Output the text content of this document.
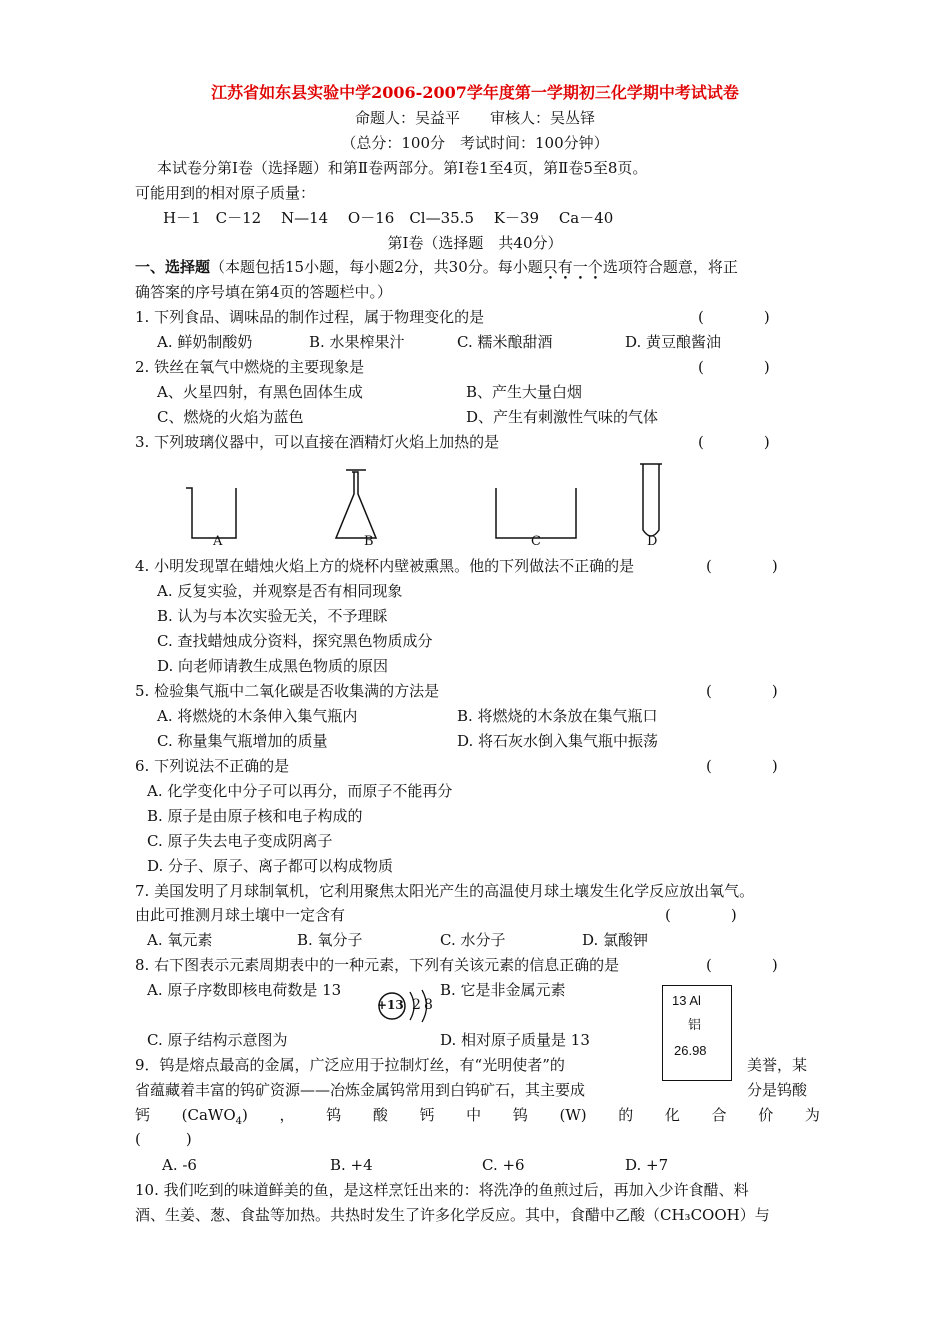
江苏省如东县实验中学2006-2007学年度第一学期初三化学期中考试试卷
命题人：吴益平　　审核人：吴丛铎
（总分：100分　考试时间：100分钟）
本试卷分第Ⅰ卷（选择题）和第Ⅱ卷两部分。第Ⅰ卷1至4页，第Ⅱ卷5至8页。
可能用到的相对原子质量：
H－1　C－12　 N—14　 O－16　Cl—35.5　 K－39　 Ca－40
第Ⅰ卷（选择题　共40分）
一、选择题（本题包括15小题，每小题2分，共30分。每小题只有一个选项符合题意，将正
确答案的序号填在第4页的答题栏中。）
1. 下列食品、调味品的制作过程，属于物理变化的是	(　　　　)
A. 鲜奶制酸奶	B. 水果榨果汁	C. 糯米酿甜酒	D. 黄豆酿酱油
2. 铁丝在氧气中燃烧的主要现象是	(　　　　)
A、火星四射，有黑色固体生成	B、产生大量白烟
C、燃烧的火焰为蓝色	D、产生有刺激性气味的气体
3. 下列玻璃仪器中，可以直接在酒精灯火焰上加热的是	(　　　　)
A	B	C	D
4. 小明发现罩在蜡烛火焰上方的烧杯内壁被熏黑。他的下列做法不正确的是	(　　　　)
A. 反复实验，并观察是否有相同现象
B. 认为与本次实验无关，不予理睬
C. 查找蜡烛成分资料，探究黑色物质成分
D. 向老师请教生成黑色物质的原因
5. 检验集气瓶中二氧化碳是否收集满的方法是	(　　　　)
A. 将燃烧的木条伸入集气瓶内	B. 将燃烧的木条放在集气瓶口
C. 称量集气瓶增加的质量	D. 将石灰水倒入集气瓶中振荡
6. 下列说法不正确的是	(　　　　)
A. 化学变化中分子可以再分，而原子不能再分
B. 原子是由原子核和电子构成的
C. 原子失去电子变成阴离子
D. 分子、原子、离子都可以构成物质
7. 美国发明了月球制氧机，它利用聚焦太阳光产生的高温使月球土壤发生化学反应放出氧气。
由此可推测月球土壤中一定含有	(　　　　)
A. 氧元素	B. 氧分子	C. 水分子	D. 氯酸钾
8. 右下图表示元素周期表中的一种元素，下列有关该元素的信息正确的是	(　　　　)
A. 原子序数即核电荷数是 13	B. 它是非金属元素
+13 2 8	13 Al
铝
26.98
C. 原子结构示意图为	D. 相对原子质量是 13
9．钨是熔点最高的金属，广泛应用于拉制灯丝，有“光明使者”的	美誉，某
省蕴藏着丰富的钨矿资源——冶炼金属钨常用到白钨矿石，其主要成	分是钨酸
钙 (CaWO$_4$) ， 钨 酸 钙 中 钨 (W) 的 化 合 价 为
(　　　)
A. -6	B. +4	C. +6	D. +7
10. 我们吃到的味道鲜美的鱼，是这样烹饪出来的：将洗净的鱼煎过后，再加入少许食醋、料
酒、生姜、葱、食盐等加热。共热时发生了许多化学反应。其中，食醋中乙酸（CH₃COOH）与
